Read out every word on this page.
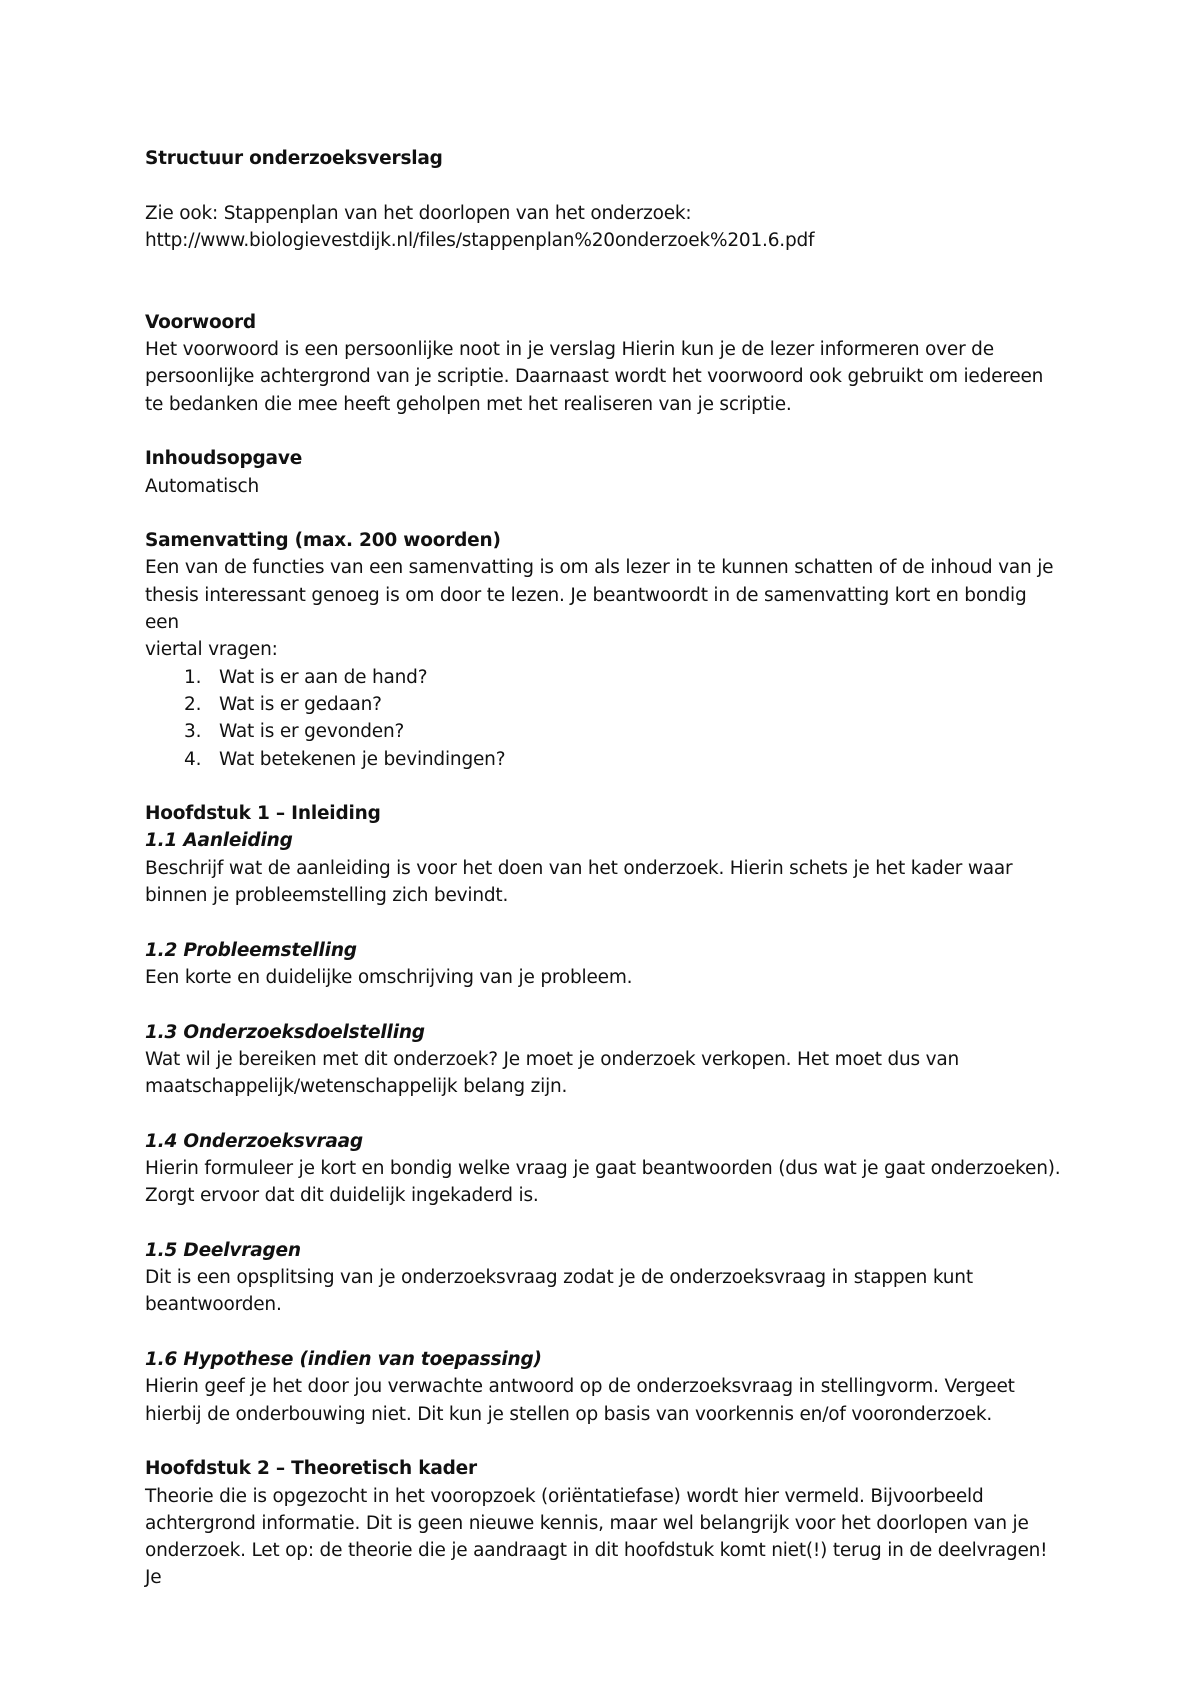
Structuur onderzoeksverslag

Zie ook: Stappenplan van het doorlopen van het onderzoek:

http://www.biologievestdijk.nl/files/stappenplan%20onderzoek%201.6.pdf

Voorwoord

Het voorwoord is een persoonlijke noot in je verslag Hierin kun je de lezer informeren over de

persoonlijke achtergrond van je scriptie. Daarnaast wordt het voorwoord ook gebruikt om iedereen

te bedanken die mee heeft geholpen met het realiseren van je scriptie.

Inhoudsopgave

Automatisch

Samenvatting (max. 200 woorden)

Een van de functies van een samenvatting is om als lezer in te kunnen schatten of de inhoud van je

thesis interessant genoeg is om door te lezen. Je beantwoordt in de samenvatting kort en bondig een

viertal vragen:

1. Wat is er aan de hand?
2. Wat is er gedaan?
3. Wat is er gevonden?
4. Wat betekenen je bevindingen?

Hoofdstuk 1 – Inleiding

1.1 Aanleiding

Beschrijf wat de aanleiding is voor het doen van het onderzoek. Hierin schets je het kader waar

binnen je probleemstelling zich bevindt.

1.2 Probleemstelling

Een korte en duidelijke omschrijving van je probleem.

1.3 Onderzoeksdoelstelling

Wat wil je bereiken met dit onderzoek? Je moet je onderzoek verkopen. Het moet dus van

maatschappelijk/wetenschappelijk belang zijn.

1.4 Onderzoeksvraag

Hierin formuleer je kort en bondig welke vraag je gaat beantwoorden (dus wat je gaat onderzoeken).

Zorgt ervoor dat dit duidelijk ingekaderd is.

1.5 Deelvragen

Dit is een opsplitsing van je onderzoeksvraag zodat je de onderzoeksvraag in stappen kunt

beantwoorden.

1.6 Hypothese (indien van toepassing)

Hierin geef je het door jou verwachte antwoord op de onderzoeksvraag in stellingvorm. Vergeet

hierbij de onderbouwing niet. Dit kun je stellen op basis van voorkennis en/of vooronderzoek.

Hoofdstuk 2 – Theoretisch kader

Theorie die is opgezocht in het vooropzoek (oriëntatiefase) wordt hier vermeld. Bijvoorbeeld

achtergrond informatie. Dit is geen nieuwe kennis, maar wel belangrijk voor het doorlopen van je

onderzoek. Let op: de theorie die je aandraagt in dit hoofdstuk komt niet(!) terug in de deelvragen! Je
